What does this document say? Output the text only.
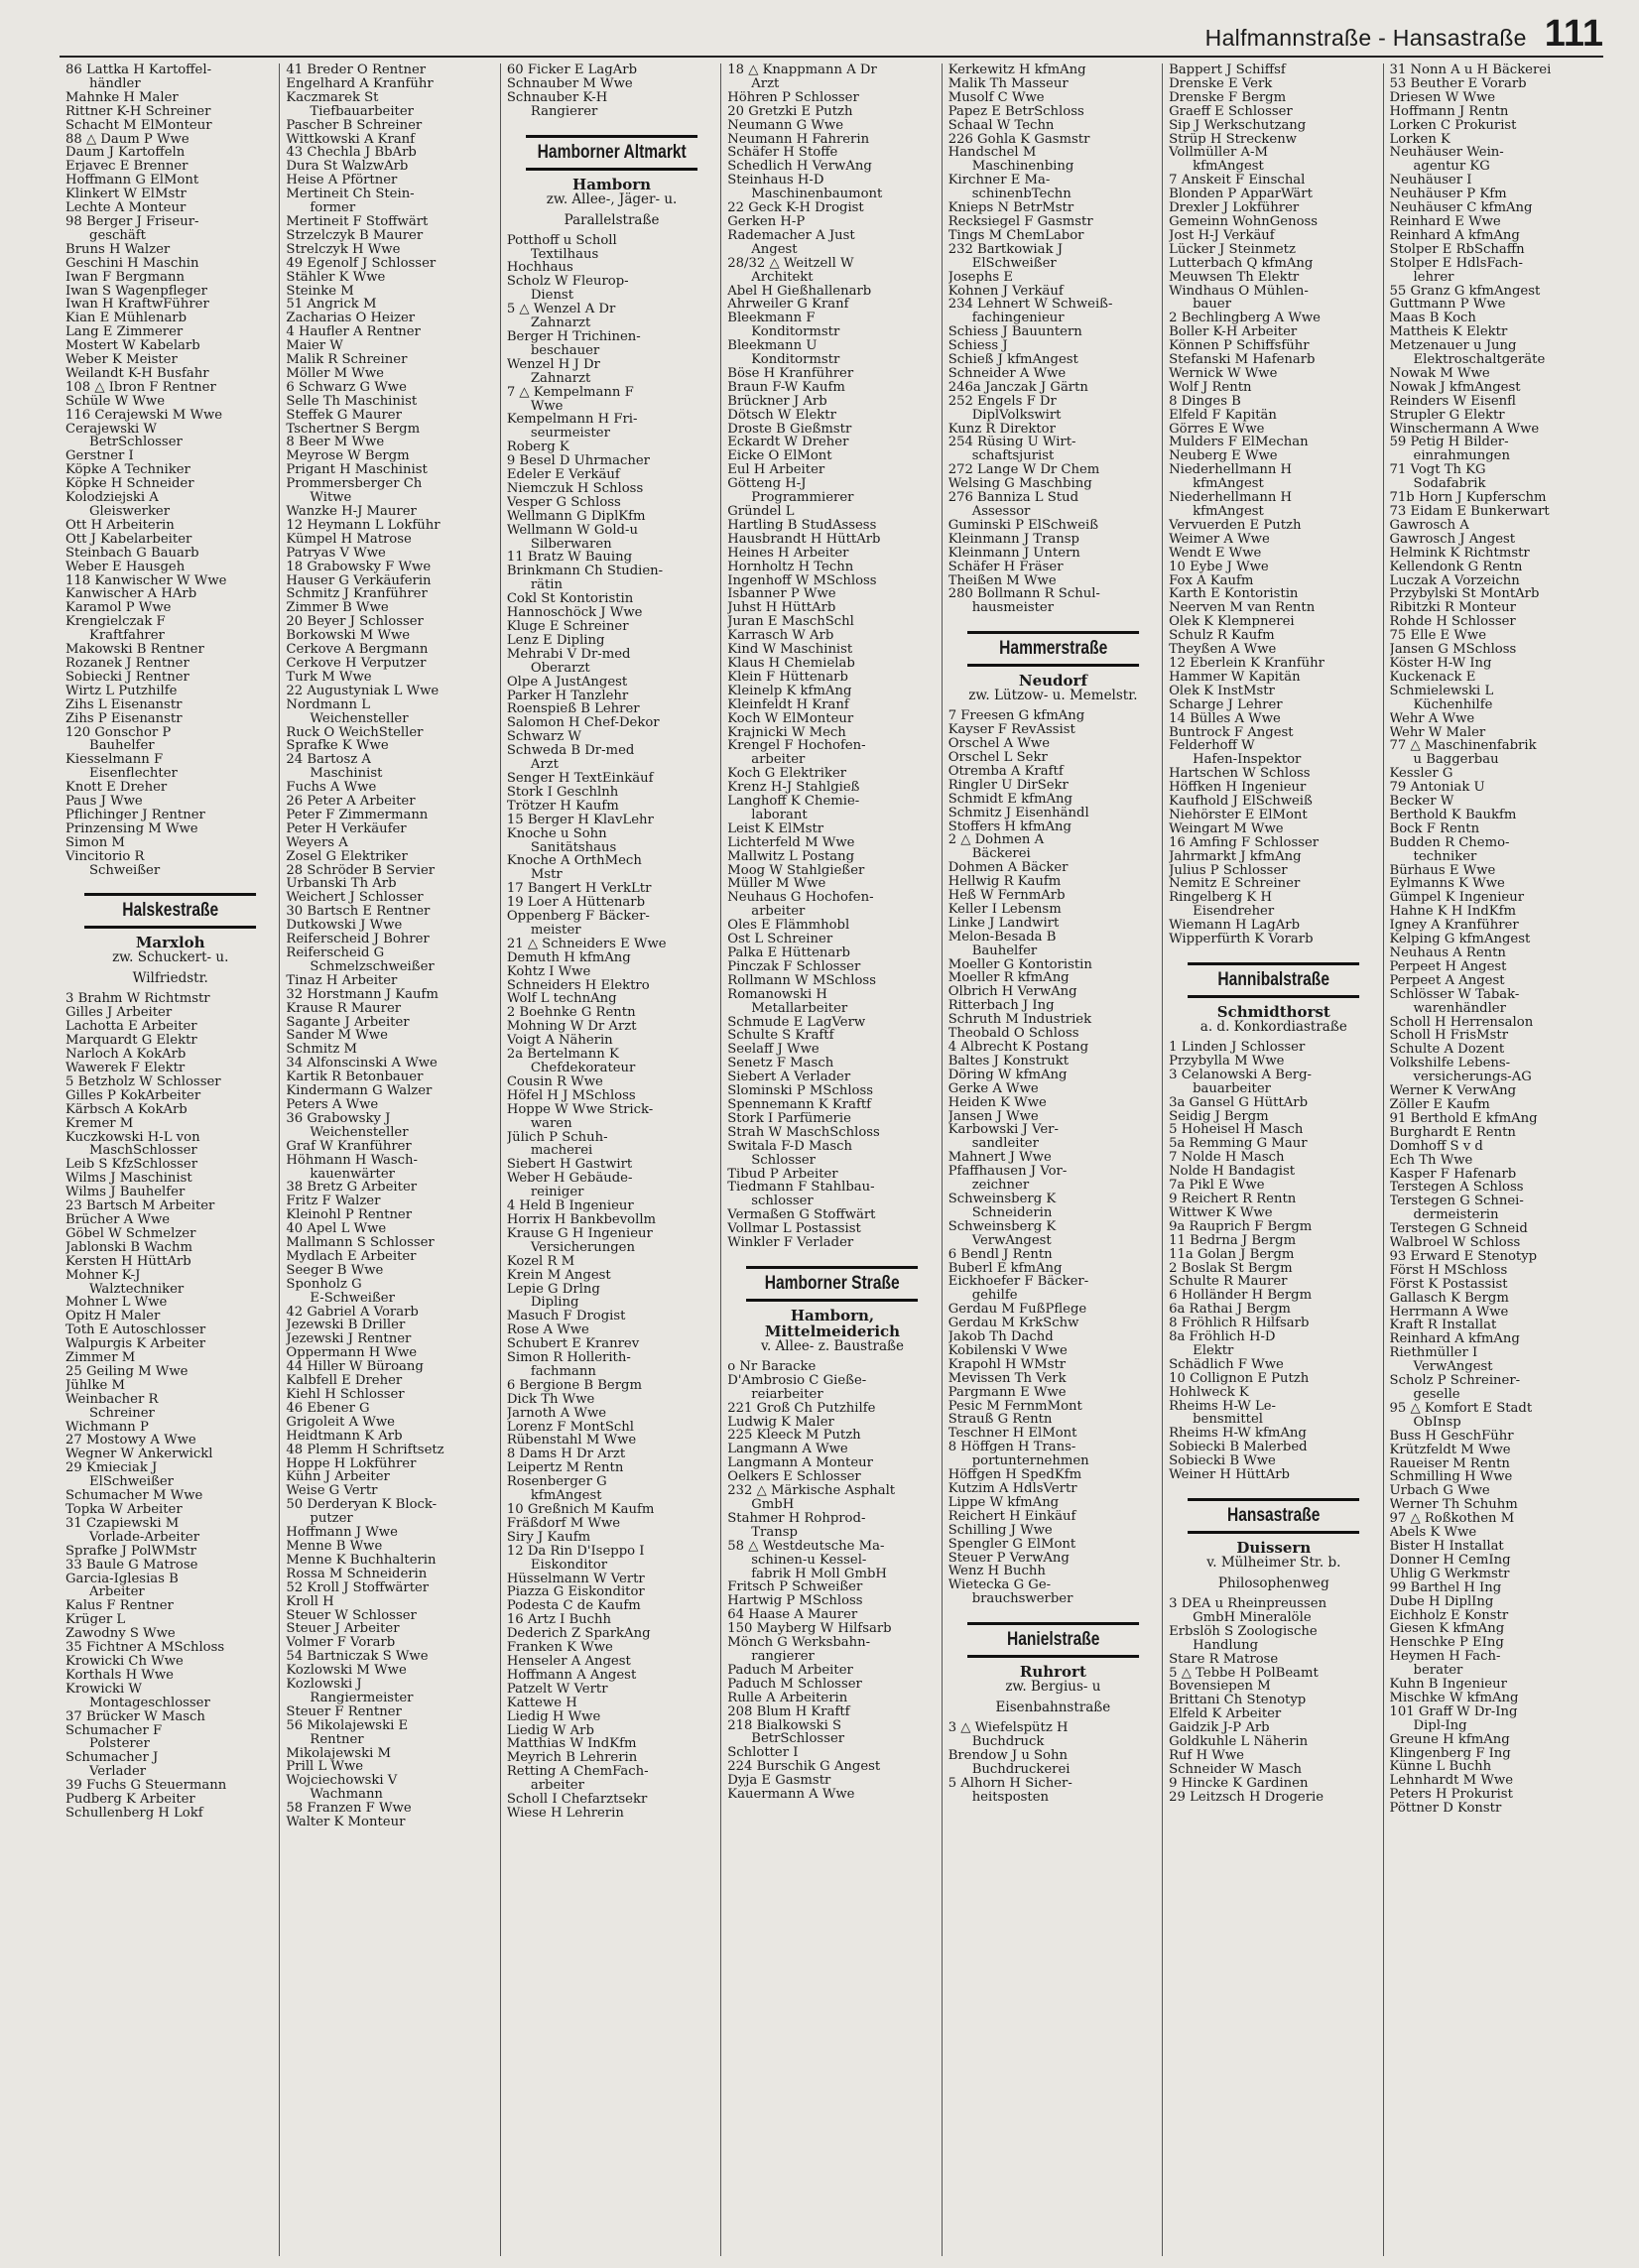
Halfmannstraße - Hansastraße 111
86 Lattka H Kartoffel-
händler
Mahnke H Maler
Rittner K-H Schreiner
Schacht M ElMonteur
88 △ Daum P Wwe
Daum J Kartoffeln
Erjavec E Brenner
Hoffmann G ElMont
Klinkert W ElMstr
Lechte A Monteur
98 Berger J Friseur-
geschäft
Bruns H Walzer
Geschini H Maschin
Iwan F Bergmann
Iwan S Wagenpfleger
Iwan H KraftwFührer
Kian E Mühlenarb
Lang E Zimmerer
Mostert W Kabelarb
Weber K Meister
Weilandt K-H Busfahr
108 △ Ibron F Rentner
Schüle W Wwe
116 Cerajewski M Wwe
Cerajewski W
BetrSchlosser
Gerstner I
Köpke A Techniker
Köpke H Schneider
Kolodziejski A
Gleiswerker
Ott H Arbeiterin
Ott J Kabelarbeiter
Steinbach G Bauarb
Weber E Hausgeh
118 Kanwischer W Wwe
Kanwischer A HArb
Karamol P Wwe
Krengielczak F
Kraftfahrer
Makowski B Rentner
Rozanek J Rentner
Sobiecki J Rentner
Wirtz L Putzhilfe
Zihs L Eisenanstr
Zihs P Eisenanstr
120 Gonschor P
Bauhelfer
Kiesselmann F
Eisenflechter
Knott E Dreher
Paus J Wwe
Pflichinger J Rentner
Prinzensing M Wwe
Simon M
Vincitorio R
Schweißer
Halskestraße
Marxloh
zw. Schuckert- u.
Wilfriedstr.
3 Brahm W Richtmstr
Gilles J Arbeiter
Lachotta E Arbeiter
Marquardt G Elektr
Narloch A KokArb
Wawerek F Elektr
5 Betzholz W Schlosser
Gilles P KokArbeiter
Kärbsch A KokArb
Kremer M
Kuczkowski H-L von
MaschSchlosser
Leib S KfzSchlosser
Wilms J Maschinist
Wilms J Bauhelfer
23 Bartsch M Arbeiter
Brücher A Wwe
Göbel W Schmelzer
Jablonski B Wachm
Kersten H HüttArb
Mohner K-J
Walztechniker
Mohner L Wwe
Opitz H Maler
Toth E Autoschlosser
Walpurgis K Arbeiter
Zimmer M
25 Geiling M Wwe
Jühlke M
Weinbacher R
Schreiner
Wichmann P
27 Mostowy A Wwe
Wegner W Ankerwickl
29 Kmieciak J
ElSchweißer
Schumacher M Wwe
Topka W Arbeiter
31 Czapiewski M
Vorlade-Arbeiter
Sprafke J PolWMstr
33 Baule G Matrose
Garcia-Iglesias B
Arbeiter
Kalus F Rentner
Krüger L
Zawodny S Wwe
35 Fichtner A MSchloss
Krowicki Ch Wwe
Korthals H Wwe
Krowicki W
Montageschlosser
37 Brücker W Masch
Schumacher F
Polsterer
Schumacher J
Verlader
39 Fuchs G Steuermann
Pudberg K Arbeiter
Schullenberg H Lokf
41 Breder O Rentner
Engelhard A Kranführ
Kaczmarek St
Tiefbauarbeiter
Pascher B Schreiner
Wittkowski A Kranf
43 Chechla J BbArb
Dura St WalzwArb
Heise A Pförtner
Mertineit Ch Stein-
former
Mertineit F Stoffwärt
Strzelczyk B Maurer
Strelczyk H Wwe
49 Egenolf J Schlosser
Stähler K Wwe
Steinke M
51 Angrick M
Zacharias O Heizer
4 Haufler A Rentner
Maier W
Malik R Schreiner
Möller M Wwe
6 Schwarz G Wwe
Selle Th Maschinist
Steffek G Maurer
Tschertner S Bergm
8 Beer M Wwe
Meyrose W Bergm
Prigant H Maschinist
Prommersberger Ch
Witwe
Wanzke H-J Maurer
12 Heymann L Lokführ
Kümpel H Matrose
Patryas V Wwe
18 Grabowsky F Wwe
Hauser G Verkäuferin
Schmitz J Kranführer
Zimmer B Wwe
20 Beyer J Schlosser
Borkowski M Wwe
Cerkove A Bergmann
Cerkove H Verputzer
Turk M Wwe
22 Augustyniak L Wwe
Nordmann L
Weichensteller
Ruck O WeichSteller
Sprafke K Wwe
24 Bartosz A
Maschinist
Fuchs A Wwe
26 Peter A Arbeiter
Peter F Zimmermann
Peter H Verkäufer
Weyers A
Zosel G Elektriker
28 Schröder B Servier
Urbanski Th Arb
Weichert J Schlosser
30 Bartsch E Rentner
Dutkowski J Wwe
Reiferscheid J Bohrer
Reiferscheid G
Schmelzschweißer
Tinaz H Arbeiter
32 Horstmann J Kaufm
Krause R Maurer
Sagante J Arbeiter
Sander M Wwe
Schmitz M
34 Alfonscinski A Wwe
Kartik R Betonbauer
Kindermann G Walzer
Peters A Wwe
36 Grabowsky J
Weichensteller
Graf W Kranführer
Höhmann H Wasch-
kauenwärter
38 Bretz G Arbeiter
Fritz F Walzer
Kleinohl P Rentner
40 Apel L Wwe
Mallmann S Schlosser
Mydlach E Arbeiter
Seeger B Wwe
Sponholz G
E-Schweißer
42 Gabriel A Vorarb
Jezewski B Driller
Jezewski J Rentner
Oppermann H Wwe
44 Hiller W Büroang
Kalbfell E Dreher
Kiehl H Schlosser
46 Ebener G
Grigoleit A Wwe
Heidtmann K Arb
48 Plemm H Schriftsetz
Hoppe H Lokführer
Kühn J Arbeiter
Weise G Vertr
50 Derderyan K Block-
putzer
Hoffmann J Wwe
Menne B Wwe
Menne K Buchhalterin
Rossa M Schneiderin
52 Kroll J Stoffwärter
Kroll H
Steuer W Schlosser
Steuer J Arbeiter
Volmer F Vorarb
54 Bartniczak S Wwe
Kozlowski M Wwe
Kozlowski J
Rangiermeister
Steuer F Rentner
56 Mikolajewski E
Rentner
Mikolajewski M
Prill L Wwe
Wojciechowski V
Wachmann
58 Franzen F Wwe
Walter K Monteur
60 Ficker E LagArb
Schnauber M Wwe
Schnauber K-H
Rangierer
Hamborner Altmarkt
Hamborn
zw. Allee-, Jäger- u.
Parallelstraße
Potthoff u Scholl
Textilhaus
Hochhaus
Scholz W Fleurop-
Dienst
5 △ Wenzel A Dr
Zahnarzt
Berger H Trichinen-
beschauer
Wenzel H J Dr
Zahnarzt
7 △ Kempelmann F
Wwe
Kempelmann H Fri-
seurmeister
Roberg K
9 Besel D Uhrmacher
Edeler E Verkäuf
Niemczuk H Schloss
Vesper G Schloss
Wellmann G DiplKfm
Wellmann W Gold-u
Silberwaren
11 Bratz W Bauing
Brinkmann Ch Studien-
rätin
Cokl St Kontoristin
Hannoschöck J Wwe
Kluge E Schreiner
Lenz E Dipling
Mehrabi V Dr-med
Oberarzt
Olpe A JustAngest
Parker H Tanzlehr
Roenspieß B Lehrer
Salomon H Chef-Dekor
Schwarz W
Schweda B Dr-med
Arzt
Senger H TextEinkäuf
Stork I Geschlnh
Trötzer H Kaufm
15 Berger H KlavLehr
Knoche u Sohn
Sanitätshaus
Knoche A OrthMech
Mstr
17 Bangert H VerkLtr
19 Loer A Hüttenarb
Oppenberg F Bäcker-
meister
21 △ Schneiders E Wwe
Demuth H kfmAng
Kohtz I Wwe
Schneiders H Elektro
Wolf L technAng
2 Boehnke G Rentn
Mohning W Dr Arzt
Voigt A Näherin
2a Bertelmann K
Chefdekorateur
Cousin R Wwe
Höfel H J MSchloss
Hoppe W Wwe Strick-
waren
Jülich P Schuh-
macherei
Siebert H Gastwirt
Weber H Gebäude-
reiniger
4 Held B Ingenieur
Horrix H Bankbevollm
Krause G H Ingenieur
Versicherungen
Kozel R M
Krein M Angest
Lepie G Drlng
Dipling
Masuch F Drogist
Rose A Wwe
Schubert E Kranrev
Simon R Hollerith-
fachmann
6 Bergione B Bergm
Dick Th Wwe
Jarnoth A Wwe
Lorenz F MontSchl
Rübenstahl M Wwe
8 Dams H Dr Arzt
Leipertz M Rentn
Rosenberger G
kfmAngest
10 Greßnich M Kaufm
Fräßdorf M Wwe
Siry J Kaufm
12 Da Rin D'Iseppo I
Eiskonditor
Hüsselmann W Vertr
Piazza G Eiskonditor
Podesta C de Kaufm
16 Artz I Buchh
Dederich Z SparkAng
Franken K Wwe
Henseler A Angest
Hoffmann A Angest
Patzelt W Vertr
Kattewe H
Liedig H Wwe
Liedig W Arb
Matthias W IndKfm
Meyrich B Lehrerin
Retting A ChemFach-
arbeiter
Scholl I Chefarztsekr
Wiese H Lehrerin
18 △ Knappmann A Dr
Arzt
Höhren P Schlosser
20 Gretzki E Putzh
Neumann G Wwe
Neumann H Fahrerin
Schäfer H Stoffe
Schedlich H VerwAng
Steinhaus H-D
Maschinenbaumont
22 Geck K-H Drogist
Gerken H-P
Rademacher A Just
Angest
28/32 △ Weitzell W
Architekt
Abel H Gießhallenarb
Ahrweiler G Kranf
Bleekmann F
Konditormstr
Bleekmann U
Konditormstr
Böse H Kranführer
Braun F-W Kaufm
Brückner J Arb
Dötsch W Elektr
Droste B Gießmstr
Eckardt W Dreher
Eicke O ElMont
Eul H Arbeiter
Götteng H-J
Programmierer
Gründel L
Hartling B StudAssess
Hausbrandt H HüttArb
Heines H Arbeiter
Hornholtz H Techn
Ingenhoff W MSchloss
Isbanner P Wwe
Juhst H HüttArb
Juran E MaschSchl
Karrasch W Arb
Kind W Maschinist
Klaus H Chemielab
Klein F Hüttenarb
Kleinelp K kfmAng
Kleinfeldt H Kranf
Koch W ElMonteur
Krajnicki W Mech
Krengel F Hochofen-
arbeiter
Koch G Elektriker
Krenz H-J Stahlgieß
Langhoff K Chemie-
laborant
Leist K ElMstr
Lichterfeld M Wwe
Mallwitz L Postang
Moog W Stahlgießer
Müller M Wwe
Neuhaus G Hochofen-
arbeiter
Oles E Flämmhobl
Ost L Schreiner
Palka E Hüttenarb
Pinczak F Schlosser
Rollmann W MSchloss
Romanowski H
Metallarbeiter
Schmude E LagVerw
Schulte S Kraftf
Seelaff J Wwe
Senetz F Masch
Siebert A Verlader
Slominski P MSchloss
Spennemann K Kraftf
Stork I Parfümerie
Strah W MaschSchloss
Switala F-D Masch
Schlosser
Tibud P Arbeiter
Tiedmann F Stahlbau-
schlosser
Vermaßen G Stoffwärt
Vollmar L Postassist
Winkler F Verlader
Hamborner Straße
Hamborn, Mittelmeiderich
v. Allee- z. Baustraße
o Nr Baracke
D'Ambrosio C Gieße-
reiarbeiter
221 Groß Ch Putzhilfe
Ludwig K Maler
225 Kleeck M Putzh
Langmann A Wwe
Langmann A Monteur
Oelkers E Schlosser
232 △ Märkische Asphalt
GmbH
Stahmer H Rohprod-
Transp
58 △ Westdeutsche Ma-
schinen-u Kessel-
fabrik H Moll GmbH
Fritsch P Schweißer
Hartwig P MSchloss
64 Haase A Maurer
150 Mayberg W Hilfsarb
Mönch G Werksbahn-
rangierer
Paduch M Arbeiter
Paduch M Schlosser
Rulle A Arbeiterin
208 Blum H Kraftf
218 Bialkowski S
BetrSchlosser
Schlotter I
224 Burschik G Angest
Dyja E Gasmstr
Kauermann A Wwe
Kerkewitz H kfmAng
Malik Th Masseur
Musolf C Wwe
Papez E BetrSchloss
Schaal W Techn
226 Gohla K Gasmstr
Handschel M
Maschinenbing
Kirchner E Ma-
schinenbTechn
Knieps N BetrMstr
Recksiegel F Gasmstr
Tings M ChemLabor
232 Bartkowiak J
ElSchweißer
Josephs E
Kohnen J Verkäuf
234 Lehnert W Schweiß-
fachingenieur
Schiess J Bauuntern
Schiess J
Schieß J kfmAngest
Schneider A Wwe
246a Janczak J Gärtn
252 Engels F Dr
DiplVolkswirt
Kunz R Direktor
254 Rüsing U Wirt-
schaftsjurist
272 Lange W Dr Chem
Welsing G Maschbing
276 Banniza L Stud
Assessor
Guminski P ElSchweiß
Kleinmann J Transp
Kleinmann J Untern
Schäfer H Fräser
Theißen M Wwe
280 Bollmann R Schul-
hausmeister
Hammerstraße
Neudorf
zw. Lützow- u. Memelstr.
7 Freesen G kfmAng
Kayser F RevAssist
Orschel A Wwe
Orschel L Sekr
Otremba A Kraftf
Ringler U DirSekr
Schmidt E kfmAng
Schmitz J Eisenhändl
Stoffers H kfmAng
2 △ Dohmen A
Bäckerei
Dohmen A Bäcker
Hellwig R Kaufm
Heß W FernmArb
Keller I Lebensm
Linke J Landwirt
Melon-Besada B
Bauhelfer
Moeller G Kontoristin
Moeller R kfmAng
Olbrich H VerwAng
Ritterbach J Ing
Schruth M Industriek
Theobald O Schloss
4 Albrecht K Postang
Baltes J Konstrukt
Döring W kfmAng
Gerke A Wwe
Heiden K Wwe
Jansen J Wwe
Karbowski J Ver-
sandleiter
Mahnert J Wwe
Pfaffhausen J Vor-
zeichner
Schweinsberg K
Schneiderin
Schweinsberg K
VerwAngest
6 Bendl J Rentn
Buberl E kfmAng
Eickhoefer F Bäcker-
gehilfe
Gerdau M FußPflege
Gerdau M KrkSchw
Jakob Th Dachd
Kobilenski V Wwe
Krapohl H WMstr
Mevissen Th Verk
Pargmann E Wwe
Pesic M FernmMont
Strauß G Rentn
Teschner H ElMont
8 Höffgen H Trans-
portunternehmen
Höffgen H SpedKfm
Kutzim A HdlsVertr
Lippe W kfmAng
Reichert H Einkäuf
Schilling J Wwe
Spengler G ElMont
Steuer P VerwAng
Wenz H Buchh
Wietecka G Ge-
brauchswerber
Hanielstraße
Ruhrort
zw. Bergius- u
Eisenbahnstraße
3 △ Wiefelspütz H
Buchdruck
Brendow J u Sohn
Buchdruckerei
5 Alhorn H Sicher-
heitsposten
Bappert J Schiffsf
Drenske E Verk
Drenske F Bergm
Graeff E Schlosser
Sip J Werkschutzang
Strüp H Streckenw
Vollmüller A-M
kfmAngest
7 Anskeit F Einschal
Blonden P ApparWärt
Drexler J Lokführer
Gemeinn WohnGenoss
Jost H-J Verkäuf
Lücker J Steinmetz
Lutterbach Q kfmAng
Meuwsen Th Elektr
Windhaus O Mühlen-
bauer
2 Bechlingberg A Wwe
Boller K-H Arbeiter
Können P Schiffsführ
Stefanski M Hafenarb
Wernick W Wwe
Wolf J Rentn
8 Dinges B
Elfeld F Kapitän
Görres E Wwe
Mulders F ElMechan
Neuberg E Wwe
Niederhellmann H
kfmAngest
Niederhellmann H
kfmAngest
Vervuerden E Putzh
Weimer A Wwe
Wendt E Wwe
10 Eybe J Wwe
Fox A Kaufm
Karth E Kontoristin
Neerven M van Rentn
Olek K Klempnerei
Schulz R Kaufm
Theyßen A Wwe
12 Eberlein K Kranführ
Hammer W Kapitän
Olek K InstMstr
Scharge J Lehrer
14 Bülles A Wwe
Buntrock F Angest
Felderhoff W
Hafen-Inspektor
Hartschen W Schloss
Höffken H Ingenieur
Kaufhold J ElSchweiß
Niehörster E ElMont
Weingart M Wwe
16 Amfing F Schlosser
Jahrmarkt J kfmAng
Julius P Schlosser
Nemitz E Schreiner
Ringelberg K H
Eisendreher
Wiemann H LagArb
Wipperfürth K Vorarb
Hannibalstraße
Schmidthorst
a. d. Konkordiastraße
1 Linden J Schlosser
Przybylla M Wwe
3 Celanowski A Berg-
bauarbeiter
3a Gansel G HüttArb
Seidig J Bergm
5 Hoheisel H Masch
5a Remming G Maur
7 Nolde H Masch
Nolde H Bandagist
7a Pikl E Wwe
9 Reichert R Rentn
Wittwer K Wwe
9a Rauprich F Bergm
11 Bedrna J Bergm
11a Golan J Bergm
2 Boslak St Bergm
Schulte R Maurer
6 Holländer H Bergm
6a Rathai J Bergm
8 Fröhlich R Hilfsarb
8a Fröhlich H-D
Elektr
Schädlich F Wwe
10 Collignon E Putzh
Hohlweck K
Rheims H-W Le-
bensmittel
Rheims H-W kfmAng
Sobiecki B Malerbed
Sobiecki B Wwe
Weiner H HüttArb
Hansastraße
Duissern
v. Mülheimer Str. b.
Philosophenweg
3 DEA u Rheinpreussen
GmbH Mineralöle
Erbslöh S Zoologische
Handlung
Stare R Matrose
5 △ Tebbe H PolBeamt
Bovensiepen M
Brittani Ch Stenotyp
Elfeld K Arbeiter
Gaidzik J-P Arb
Goldkuhle L Näherin
Ruf H Wwe
Schneider W Masch
9 Hincke K Gardinen
29 Leitzsch H Drogerie
31 Nonn A u H Bäckerei
53 Beuther E Vorarb
Driesen W Wwe
Hoffmann J Rentn
Lorken C Prokurist
Lorken K
Neuhäuser Wein-
agentur KG
Neuhäuser I
Neuhäuser P Kfm
Neuhäuser C kfmAng
Reinhard E Wwe
Reinhard A kfmAng
Stolper E RbSchaffn
Stolper E HdlsFach-
lehrer
55 Granz G kfmAngest
Guttmann P Wwe
Maas B Koch
Mattheis K Elektr
Metzenauer u Jung
Elektroschaltgeräte
Nowak M Wwe
Nowak J kfmAngest
Reinders W Eisenfl
Strupler G Elektr
Winschermann A Wwe
59 Petig H Bilder-
einrahmungen
71 Vogt Th KG
Sodafabrik
71b Horn J Kupferschm
73 Eidam E Bunkerwart
Gawrosch A
Gawrosch J Angest
Helmink K Richtmstr
Kellendonk G Rentn
Luczak A Vorzeichn
Przybylski St MontArb
Ribitzki R Monteur
Rohde H Schlosser
75 Elle E Wwe
Jansen G MSchloss
Köster H-W Ing
Kuckenack E
Schmielewski L
Küchenhilfe
Wehr A Wwe
Wehr W Maler
77 △ Maschinenfabrik
u Baggerbau
Kessler G
79 Antoniak U
Becker W
Berthold K Baukfm
Bock F Rentn
Budden R Chemo-
techniker
Bürhaus E Wwe
Eylmanns K Wwe
Gümpel K Ingenieur
Hahne K H IndKfm
Igney A Kranführer
Kelping G kfmAngest
Neuhaus A Rentn
Perpeet H Angest
Perpeet A Angest
Schlösser W Tabak-
warenhändler
Scholl H Herrensalon
Scholl H FrisMstr
Schulte A Dozent
Volkshilfe Lebens-
versicherungs-AG
Werner K VerwAng
Zöller E Kaufm
91 Berthold E kfmAng
Burghardt E Rentn
Domhoff S v d
Ech Th Wwe
Kasper F Hafenarb
Terstegen A Schloss
Terstegen G Schnei-
dermeisterin
Terstegen G Schneid
Walbroel W Schloss
93 Erward E Stenotyp
Först H MSchloss
Först K Postassist
Gallasch K Bergm
Herrmann A Wwe
Kraft R Installat
Reinhard A kfmAng
Riethmüller I
VerwAngest
Scholz P Schreiner-
geselle
95 △ Komfort E Stadt
ObInsp
Buss H GeschFühr
Krützfeldt M Wwe
Raueiser M Rentn
Schmilling H Wwe
Urbach G Wwe
Werner Th Schuhm
97 △ Roßkothen M
Abels K Wwe
Bister H Installat
Donner H CemIng
Uhlig G Werkmstr
99 Barthel H Ing
Dube H DiplIng
Eichholz E Konstr
Giesen K kfmAng
Henschke P EIng
Heymen H Fach-
berater
Kuhn B Ingenieur
Mischke W kfmAng
101 Graff W Dr-Ing
Dipl-Ing
Greune H kfmAng
Klingenberg F Ing
Künne L Buchh
Lehnhardt M Wwe
Peters H Prokurist
Pöttner D Konstr
